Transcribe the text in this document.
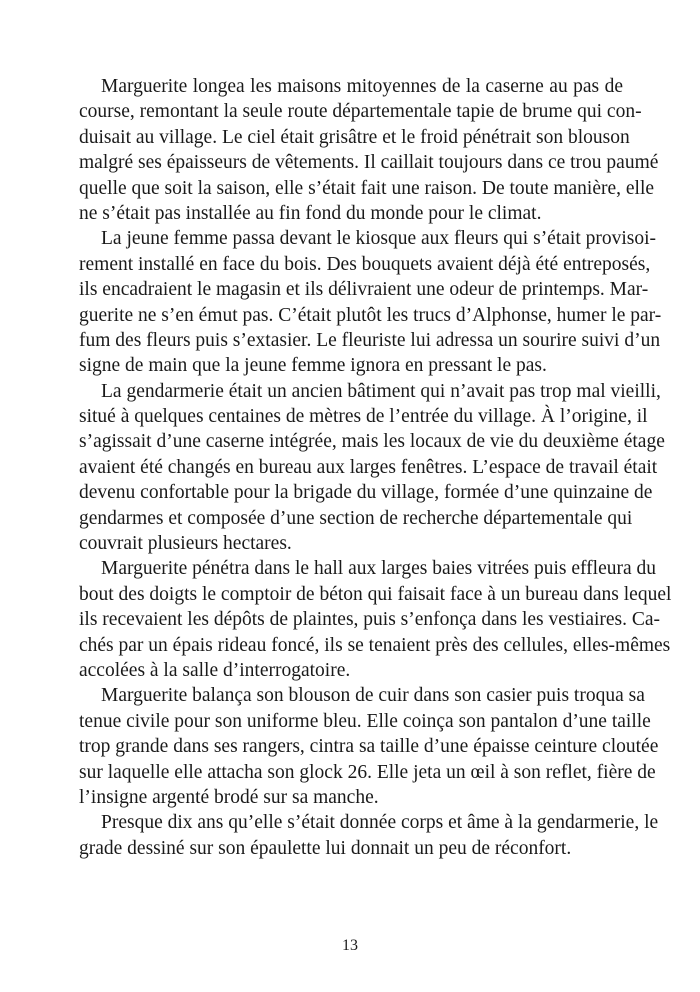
Marguerite longea les maisons mitoyennes de la caserne au pas de
course, remontant la seule route départementale tapie de brume qui con-
duisait au village. Le ciel était grisâtre et le froid pénétrait son blouson
malgré ses épaisseurs de vêtements. Il caillait toujours dans ce trou paumé
quelle que soit la saison, elle s’était fait une raison. De toute manière, elle
ne s’était pas installée au fin fond du monde pour le climat.
La jeune femme passa devant le kiosque aux fleurs qui s’était provisoi-
rement installé en face du bois. Des bouquets avaient déjà été entreposés,
ils encadraient le magasin et ils délivraient une odeur de printemps. Mar-
guerite ne s’en émut pas. C’était plutôt les trucs d’Alphonse, humer le par-
fum des fleurs puis s’extasier. Le fleuriste lui adressa un sourire suivi d’un
signe de main que la jeune femme ignora en pressant le pas.
La gendarmerie était un ancien bâtiment qui n’avait pas trop mal vieilli,
situé à quelques centaines de mètres de l’entrée du village. À l’origine, il
s’agissait d’une caserne intégrée, mais les locaux de vie du deuxième étage
avaient été changés en bureau aux larges fenêtres. L’espace de travail était
devenu confortable pour la brigade du village, formée d’une quinzaine de
gendarmes et composée d’une section de recherche départementale qui
couvrait plusieurs hectares.
Marguerite pénétra dans le hall aux larges baies vitrées puis effleura du
bout des doigts le comptoir de béton qui faisait face à un bureau dans lequel
ils recevaient les dépôts de plaintes, puis s’enfonça dans les vestiaires. Ca-
chés par un épais rideau foncé, ils se tenaient près des cellules, elles-mêmes
accolées à la salle d’interrogatoire.
Marguerite balança son blouson de cuir dans son casier puis troqua sa
tenue civile pour son uniforme bleu. Elle coinça son pantalon d’une taille
trop grande dans ses rangers, cintra sa taille d’une épaisse ceinture cloutée
sur laquelle elle attacha son glock 26. Elle jeta un œil à son reflet, fière de
l’insigne argenté brodé sur sa manche.
Presque dix ans qu’elle s’était donnée corps et âme à la gendarmerie, le
grade dessiné sur son épaulette lui donnait un peu de réconfort.
13
